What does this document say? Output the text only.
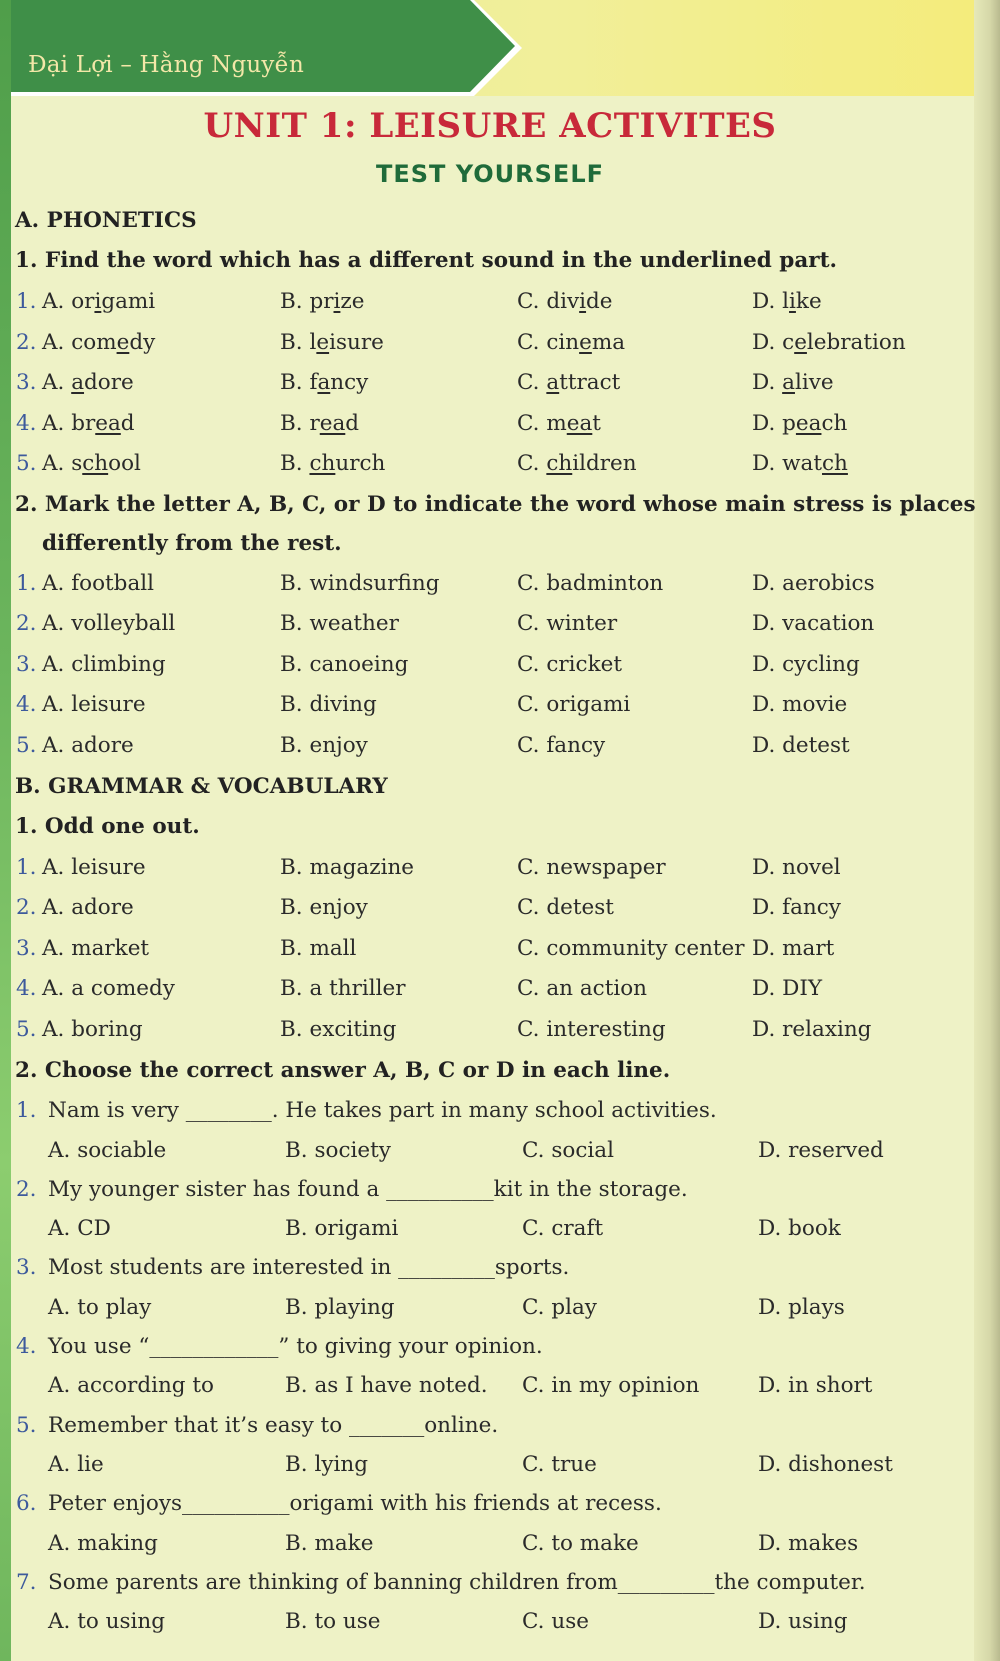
Đại Lợi – Hằng Nguyễn
UNIT 1: LEISURE ACTIVITES
TEST YOURSELF
A. PHONETICS
1. Find the word which has a different sound in the underlined part.
1. A. origami	B. prize	C. divide	D. like
2. A. comedy	B. leisure	C. cinema	D. celebration
3. A. adore	B. fancy	C. attract	D. alive
4. A. bread	B. read	C. meat	D. peach
5. A. school	B. church	C. children	D. watch
2. Mark the letter A, B, C, or D to indicate the word whose main stress is places
differently from the rest.
1. A. football	B. windsurfing	C. badminton	D. aerobics
2. A. volleyball	B. weather	C. winter	D. vacation
3. A. climbing	B. canoeing	C. cricket	D. cycling
4. A. leisure	B. diving	C. origami	D. movie
5. A. adore	B. enjoy	C. fancy	D. detest
B. GRAMMAR & VOCABULARY
1. Odd one out.
1. A. leisure	B. magazine	C. newspaper	D. novel
2. A. adore	B. enjoy	C. detest	D. fancy
3. A. market	B. mall	C. community center D. mart
4. A. a comedy	B. a thriller	C. an action	D. DIY
5. A. boring	B. exciting	C. interesting	D. relaxing
2. Choose the correct answer A, B, C or D in each line.
1. Nam is very ________. He takes part in many school activities.
A. sociable	B. society	C. social	D. reserved
2. My younger sister has found a __________kit in the storage.
A. CD	B. origami	C. craft	D. book
3. Most students are interested in _________sports.
A. to play	B. playing	C. play	D. plays
4. You use “____________” to giving your opinion.
A. according to	B. as I have noted. C. in my opinion	D. in short
5. Remember that it’s easy to _______online.
A. lie	B. lying	C. true	D. dishonest
6. Peter enjoys__________origami with his friends at recess.
A. making	B. make	C. to make	D. makes
7. Some parents are thinking of banning children from_________the computer.
A. to using	B. to use	C. use	D. using
